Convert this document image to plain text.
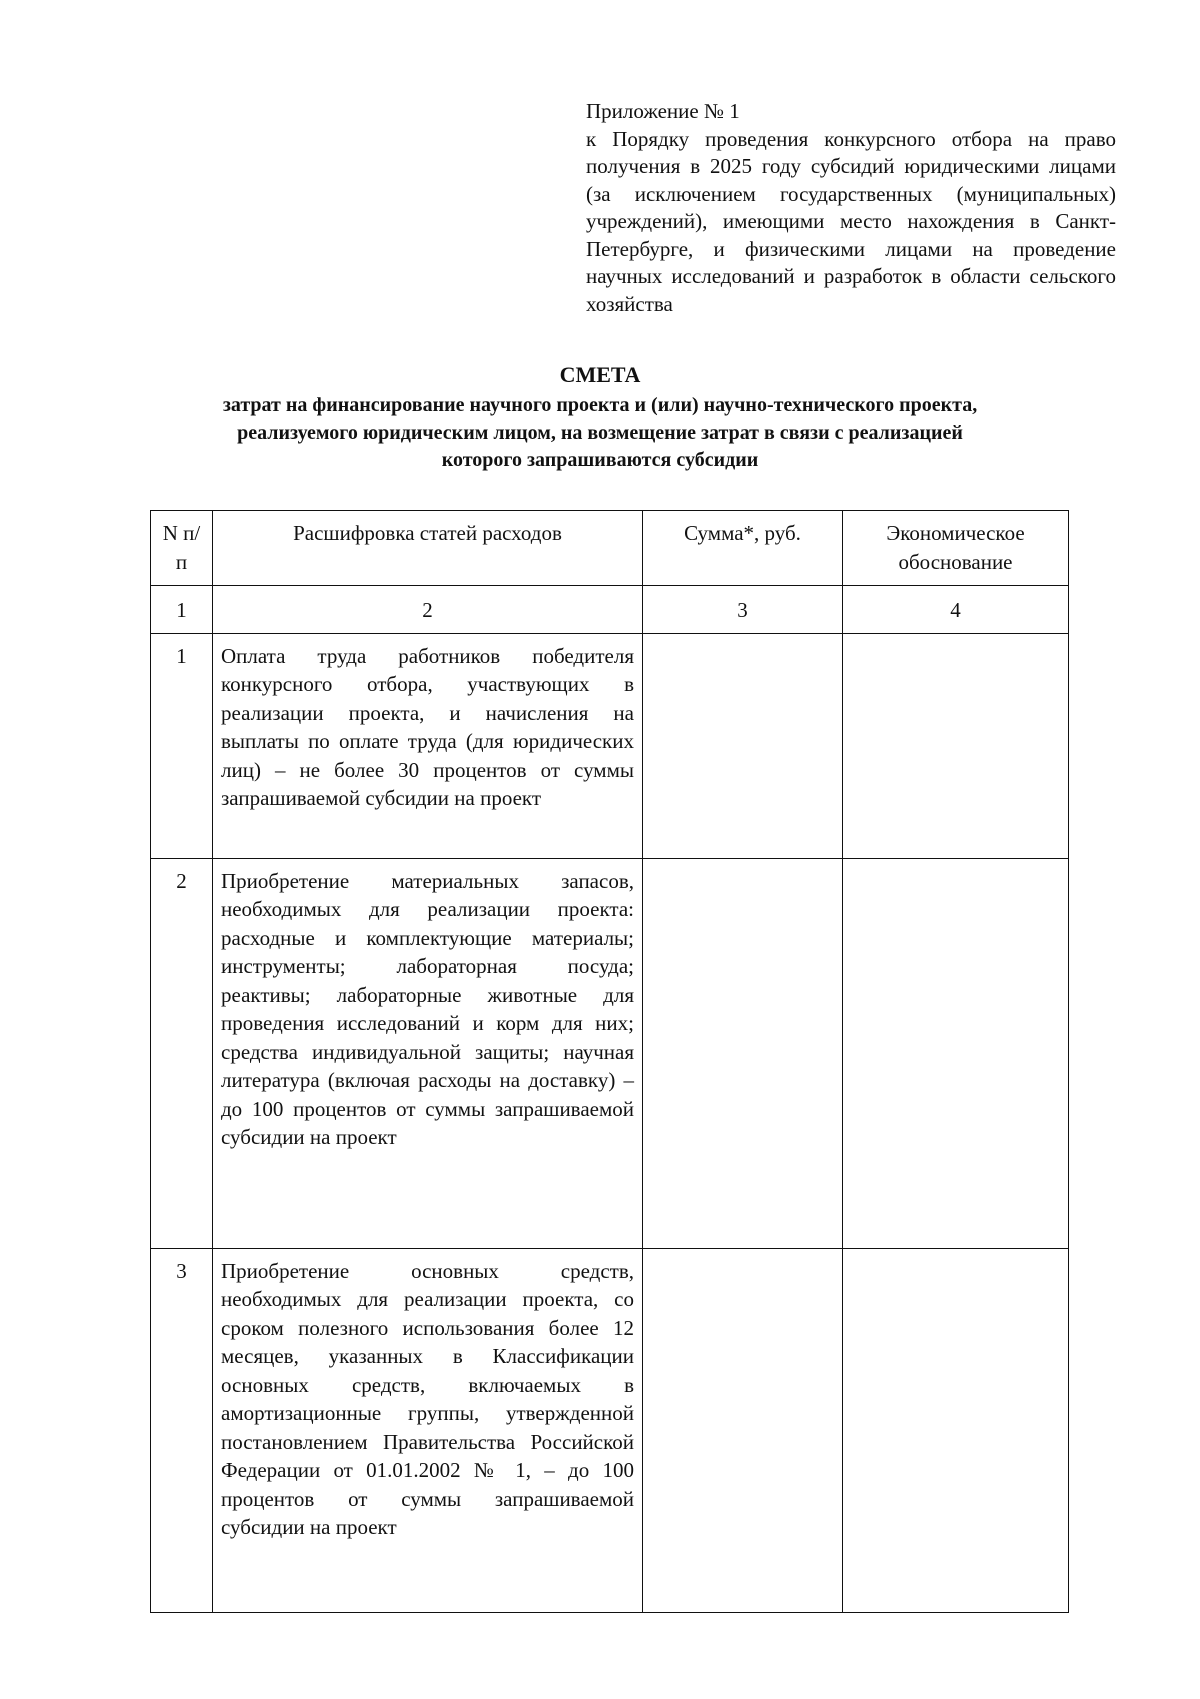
Приложение № 1

к Порядку проведения конкурсного отбора на право получения в 2025 году субсидий юридическими лицами (за исключением государственных (муниципальных) учреждений), имеющими место нахождения в Санкт-Петербурге, и физическими лицами на проведение научных исследований и разработок в области сельского хозяйства

СМЕТА

затрат на финансирование научного проекта и (или) научно-технического проекта, реализуемого юридическим лицом, на возмещение затрат в связи с реализацией которого запрашиваются субсидии

N п/п	Расшифровка статей расходов	Сумма*, руб.	Экономическое обоснование
1	2	3	4
1	Оплата труда работников победителя конкурсного отбора, участвующих в реализации проекта, и начисления на выплаты по оплате труда (для юридических лиц) – не более 30 процентов от суммы запрашиваемой субсидии на проект		
2	Приобретение материальных запасов, необходимых для реализации проекта: расходные и комплектующие материалы; инструменты; лабораторная посуда; реактивы; лабораторные животные для проведения исследований и корм для них; средства индивидуальной защиты; научная литература (включая расходы на доставку) – до 100 процентов от суммы запрашиваемой субсидии на проект		
3	Приобретение основных средств, необходимых для реализации проекта, со сроком полезного использования более 12 месяцев, указанных в Классификации основных средств, включаемых в амортизационные группы, утвержденной постановлением Правительства Российской Федерации от 01.01.2002 № 1, – до 100 процентов от суммы запрашиваемой субсидии на проект		
